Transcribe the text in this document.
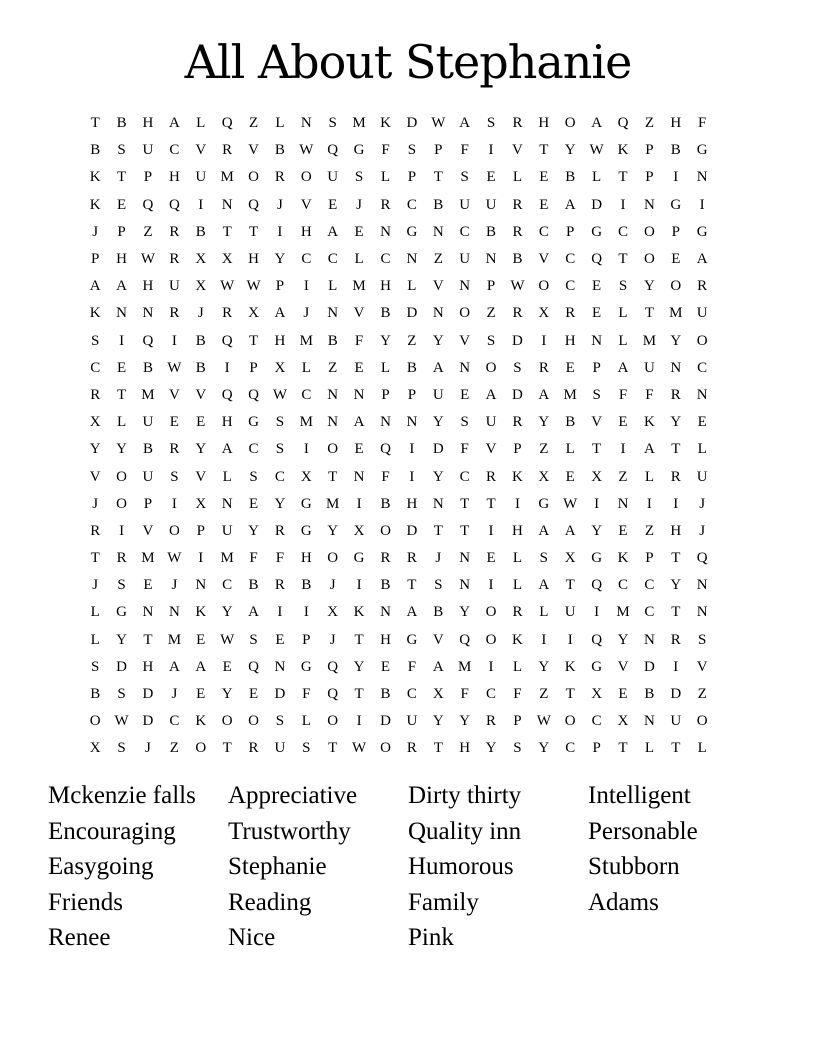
All About Stephanie
T	B	H	A	L	Q	Z	L	N	S	M K	D W A	S	R	H	O	A	Q	Z	H	F
B	S	U	C	V	R	V	B W Q	G	F	S	P	F	I	V	T	Y W K	P	B	G
K	T	P	H	U M O	R	O	U	S	L	P	T	S	E	L	E	B	L	T	P	I	N
K	E	Q	Q	I	N	Q	J	V	E	J	R	C	B	U	U	R	E	A	D	I	N	G	I
J	P	Z	R	B	T	T	I	H	A	E	N	G	N	C	B	R	C	P	G	C	O	P	G
P	H W R	X	X	H	Y	C	C	L	C	N	Z	U	N	B	V	C	Q	T	O	E	A
A	A	H	U	X W W	P	I	L	M H	L	V	N	P	W O	C	E	S	Y	O	R
K	N	N	R	J	R	X	A	J	N	V	B	D	N	O	Z	R	X	R	E	L	T	M U
S	I	Q	I	B	Q	T	H M B	F	Y	Z	Y	V	S	D	I	H	N	L	M Y	O
C	E	B W B	I	P	X	L	Z	E	L	B	A	N	O	S	R	E	P	A	U	N	C
R	T	M V	V	Q	Q W C	N	N	P	P	U	E	A	D	A M	S	F	F	R	N
X	L	U	E	E	H	G	S	M N	A	N	N	Y	S	U	R	Y	B	V	E	K	Y	E
Y	Y	B	R	Y	A	C	S	I	O	E	Q	I	D	F	V	P	Z	L	T	I	A	T	L
V	O	U	S	V	L	S	C	X	T	N	F	I	Y	C	R	K	X	E	X	Z	L	R	U
J	O	P	I	X	N	E	Y	G M	I	B	H	N	T	T	I	G W	I	N	I	I	J
R	I	V	O	P	U	Y	R	G	Y	X	O	D	T	T	I	H	A	A	Y	E	Z	H	J
T	R M W	I	M	F	F	H	O	G	R	R	J	N	E	L	S	X	G	K	P	T	Q
J	S	E	J	N	C	B	R	B	J	I	B	T	S	N	I	L	A	T	Q	C	C	Y	N
L	G	N	N	K	Y	A	I	I	X	K	N	A	B	Y	O	R	L	U	I	M C	T	N
L	Y	T	M	E W	S	E	P	J	T	H	G	V	Q	O	K	I	I	Q	Y	N	R	S
S	D	H	A	A	E	Q	N	G	Q	Y	E	F	A M	I	L	Y	K	G	V	D	I	V
B	S	D	J	E	Y	E	D	F	Q	T	B	C	X	F	C	F	Z	T	X	E	B	D	Z
O W D	C	K	O	O	S	L	O	I	D	U	Y	Y	R	P	W O	C	X	N	U	O
X	S	J	Z	O	T	R	U	S	T W O	R	T	H	Y	S	Y	C	P	T	L	T	L
Mckenzie falls
Encouraging
Easygoing
Friends
Renee
Appreciative
Trustworthy
Stephanie
Reading
Nice
Dirty thirty
Quality inn
Humorous
Family
Pink
Intelligent
Personable
Stubborn
Adams
